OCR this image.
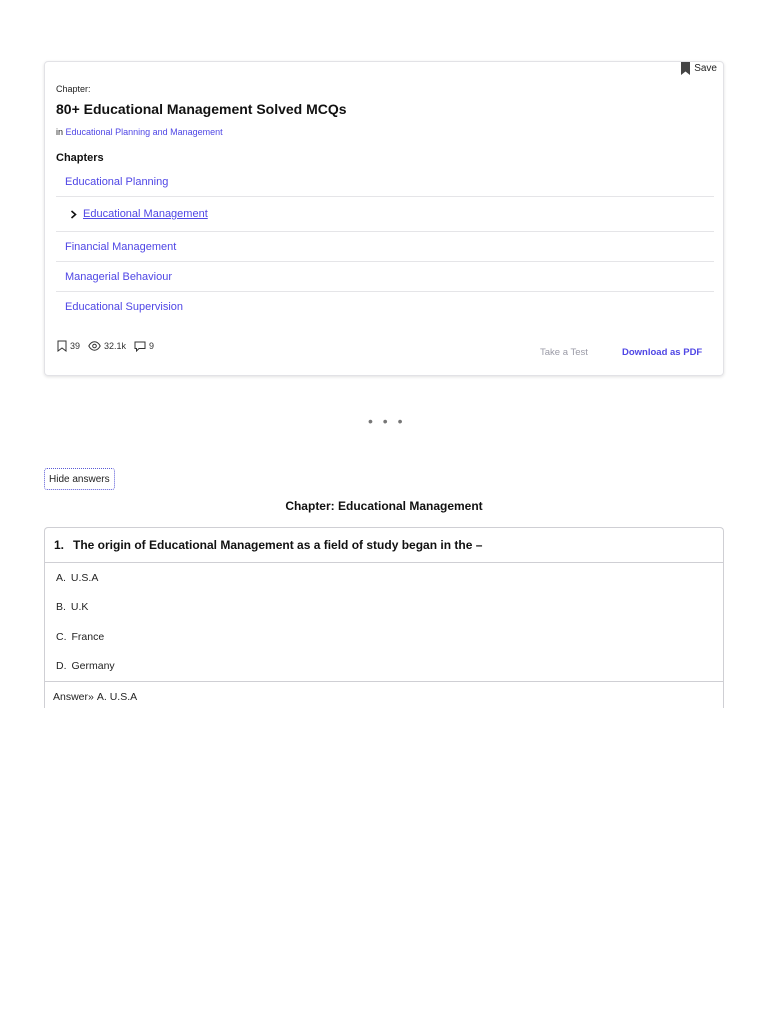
Save
Chapter:
80+ Educational Management Solved MCQs
in Educational Planning and Management
Chapters
Educational Planning
Educational Management
Financial Management
Managerial Behaviour
Educational Supervision
39	32.1k	9
Take a Test	Download as PDF
• • •
Hide answers
Chapter: Educational Management
1. The origin of Educational Management as a field of study began in the –
A. U.S.A
B. U.K
C. France
D. Germany
Answer» A. U.S.A
